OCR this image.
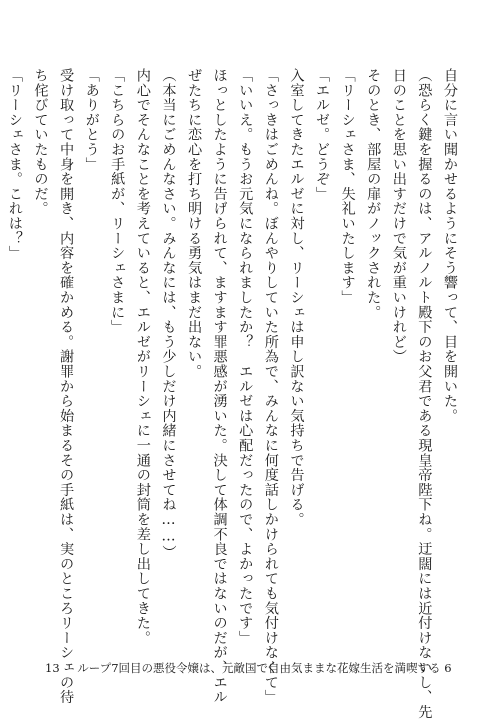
自分に言い聞かせるようにそう響って、目を開いた。

（恐らく鍵を握るのは、アルノルト殿下のお父君である現皇帝陛下ね。迂闊には近付けないし、先

日のことを思い出すだけで気が重いけれど）

そのとき、部屋の扉がノックされた。

「リーシェさま、失礼いたします」

「エルゼ。どうぞ」

入室してきたエルゼに対し、リーシェは申し訳ない気持ちで告げる。

「さっきはごめんね。ぼんやりしていた所為で、みんなに何度話しかけられても気付けなくて」

「いいえ。もうお元気になられましたか？　エルゼは心配だったので、よかったです」

ほっとしたように告げられて、ますます罪悪感が湧いた。決して体調不良ではないのだが、エル

ぜたちに恋心を打ち明ける勇気はまだ出ない。

（本当にごめんなさい。みんなには、もう少しだけ内緒にさせてね……）

内心でそんなことを考えていると、エルゼがリーシェに一通の封筒を差し出してきた。

「こちらのお手紙が、リーシェさまに」

「ありがとう」

受け取って中身を開き、内容を確かめる。謝罪から始まるその手紙は、実のところリーシェの待

ち侘びていたものだ。

「リーシェさま。これは？」

13 ループ7回目の悪役令嬢は、元敵国で自由気ままな花嫁生活を満喫する 6
